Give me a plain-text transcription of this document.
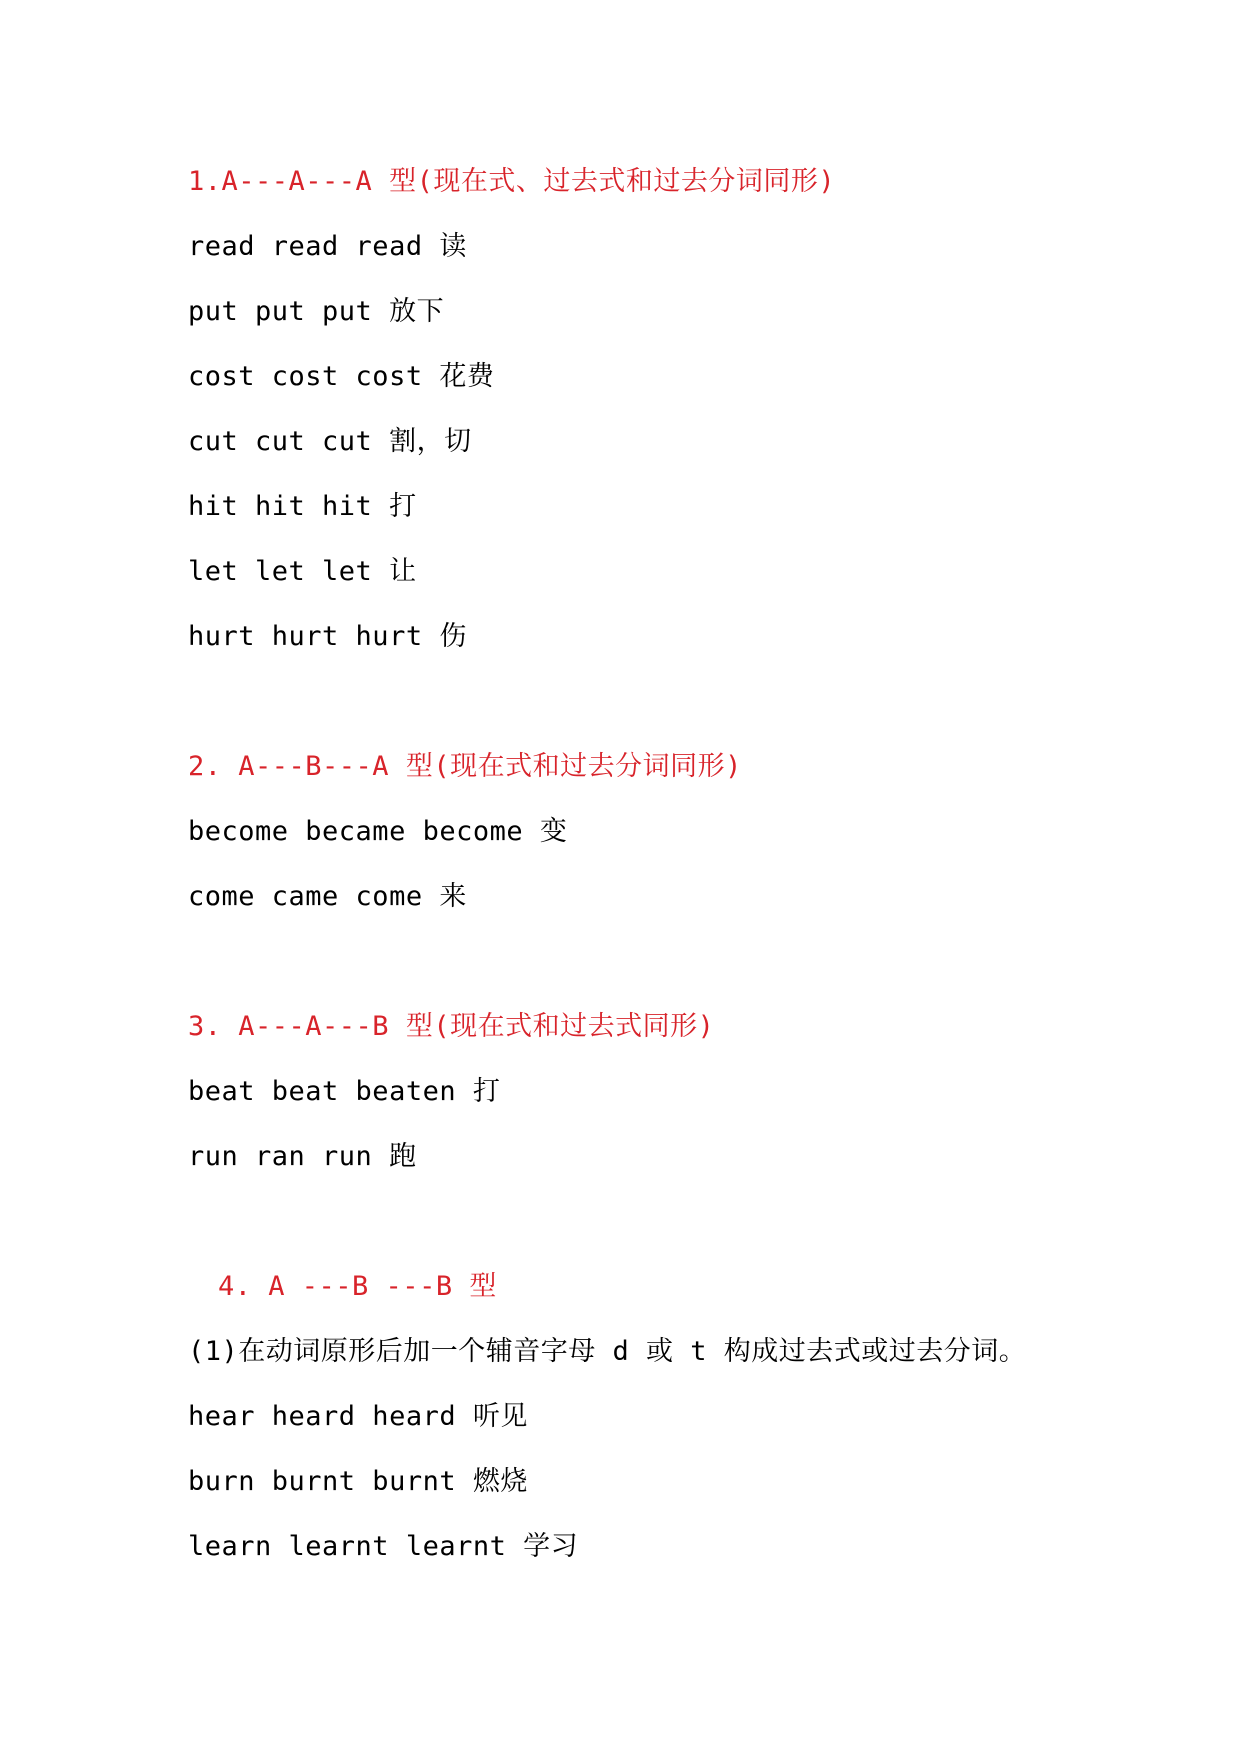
1.A---A---A 型(现在式、过去式和过去分词同形)
read read read 读
put put put 放下
cost cost cost 花费
cut cut cut 割，切
hit hit hit 打
let let let 让
hurt hurt hurt 伤
2. A---B---A 型(现在式和过去分词同形)
become became become 变
come came come 来
3. A---A---B 型(现在式和过去式同形)
beat beat beaten 打
run ran run 跑
4. A ---B ---B 型
(1)在动词原形后加一个辅音字母 d 或 t 构成过去式或过去分词。
hear heard heard 听见
burn burnt burnt 燃烧
learn learnt learnt 学习
